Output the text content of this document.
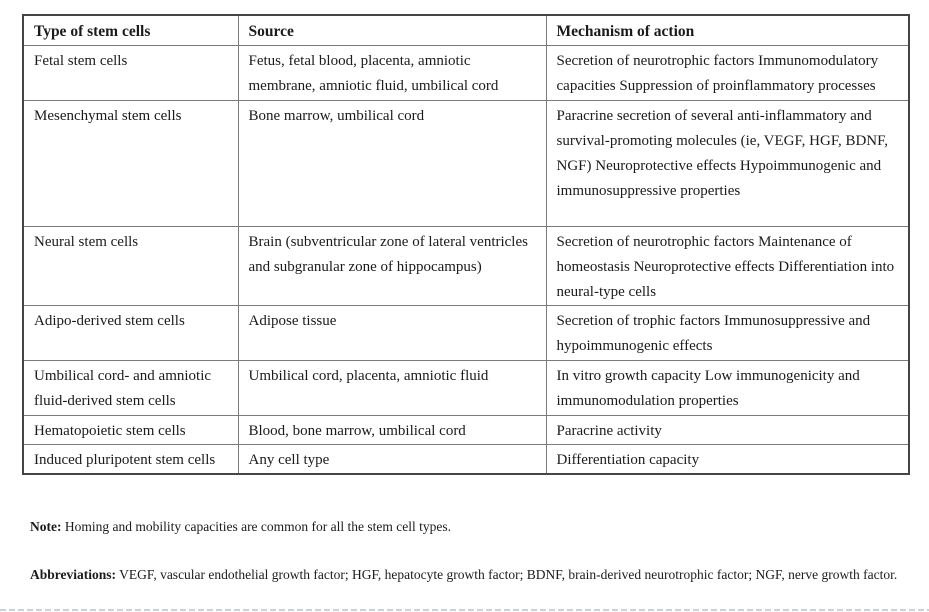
Type of stem cells	Source	Mechanism of action
Fetal stem cells	Fetus, fetal blood, placenta, amniotic membrane, amniotic fluid, umbilical cord	Secretion of neurotrophic factors Immunomodulatory capacities Suppression of proinflammatory processes
Mesenchymal stem cells	Bone marrow, umbilical cord	Paracrine secretion of several anti-inflammatory and survival-promoting molecules (ie, VEGF, HGF, BDNF, NGF) Neuroprotective effects Hypoimmunogenic and immunosuppressive properties
Neural stem cells	Brain (subventricular zone of lateral ventricles and subgranular zone of hippocampus)	Secretion of neurotrophic factors Maintenance of homeostasis Neuroprotective effects Differentiation into neural-type cells
Adipo-derived stem cells	Adipose tissue	Secretion of trophic factors Immunosuppressive and hypoimmunogenic effects
Umbilical cord- and amniotic fluid-derived stem cells	Umbilical cord, placenta, amniotic fluid	In vitro growth capacity Low immunogenicity and immunomodulation properties
Hematopoietic stem cells	Blood, bone marrow, umbilical cord	Paracrine activity
Induced pluripotent stem cells	Any cell type	Differentiation capacity
Note: Homing and mobility capacities are common for all the stem cell types.
Abbreviations: VEGF, vascular endothelial growth factor; HGF, hepatocyte growth factor; BDNF, brain-derived neurotrophic factor; NGF, nerve growth factor.
